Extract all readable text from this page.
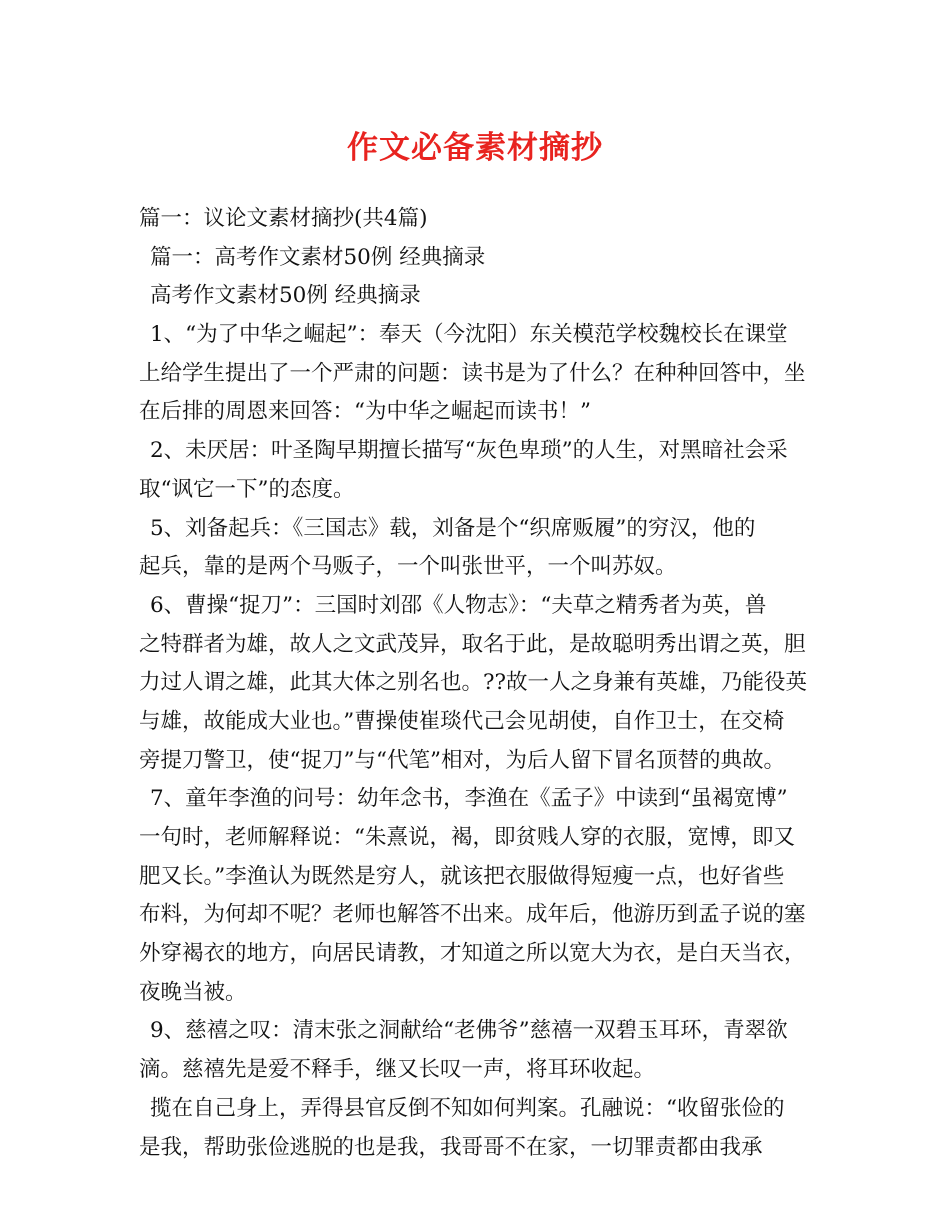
作文必备素材摘抄
篇一：议论文素材摘抄(共4篇)
篇一：高考作文素材50例 经典摘录
高考作文素材50例 经典摘录
1、“为了中华之崛起”：奉天（今沈阳）东关模范学校魏校长在课堂
上给学生提出了一个严肃的问题：读书是为了什么？在种种回答中，坐
在后排的周恩来回答：“为中华之崛起而读书！”
2、未厌居：叶圣陶早期擅长描写“灰色卑琐”的人生，对黑暗社会采
取“讽它一下”的态度。
5、刘备起兵：《三国志》载，刘备是个“织席贩履”的穷汉，他的
起兵，靠的是两个马贩子，一个叫张世平，一个叫苏奴。
6、曹操“捉刀”：三国时刘邵《人物志》：“夫草之精秀者为英，兽
之特群者为雄，故人之文武茂异，取名于此，是故聪明秀出谓之英，胆
力过人谓之雄，此其大体之别名也。??故一人之身兼有英雄，乃能役英
与雄，故能成大业也。”曹操使崔琰代己会见胡使，自作卫士，在交椅
旁提刀警卫，使“捉刀”与“代笔”相对，为后人留下冒名顶替的典故。
7、童年李渔的问号：幼年念书，李渔在《孟子》中读到“虽褐宽博”
一句时，老师解释说：“朱熹说，褐，即贫贱人穿的衣服，宽博，即又
肥又长。”李渔认为既然是穷人，就该把衣服做得短瘦一点，也好省些
布料，为何却不呢？老师也解答不出来。成年后，他游历到孟子说的塞
外穿褐衣的地方，向居民请教，才知道之所以宽大为衣，是白天当衣，
夜晚当被。
9、慈禧之叹：清末张之洞献给“老佛爷”慈禧一双碧玉耳环，青翠欲
滴。慈禧先是爱不释手，继又长叹一声，将耳环收起。
揽在自己身上，弄得县官反倒不知如何判案。孔融说：“收留张俭的
是我，帮助张俭逃脱的也是我，我哥哥不在家，一切罪责都由我承
